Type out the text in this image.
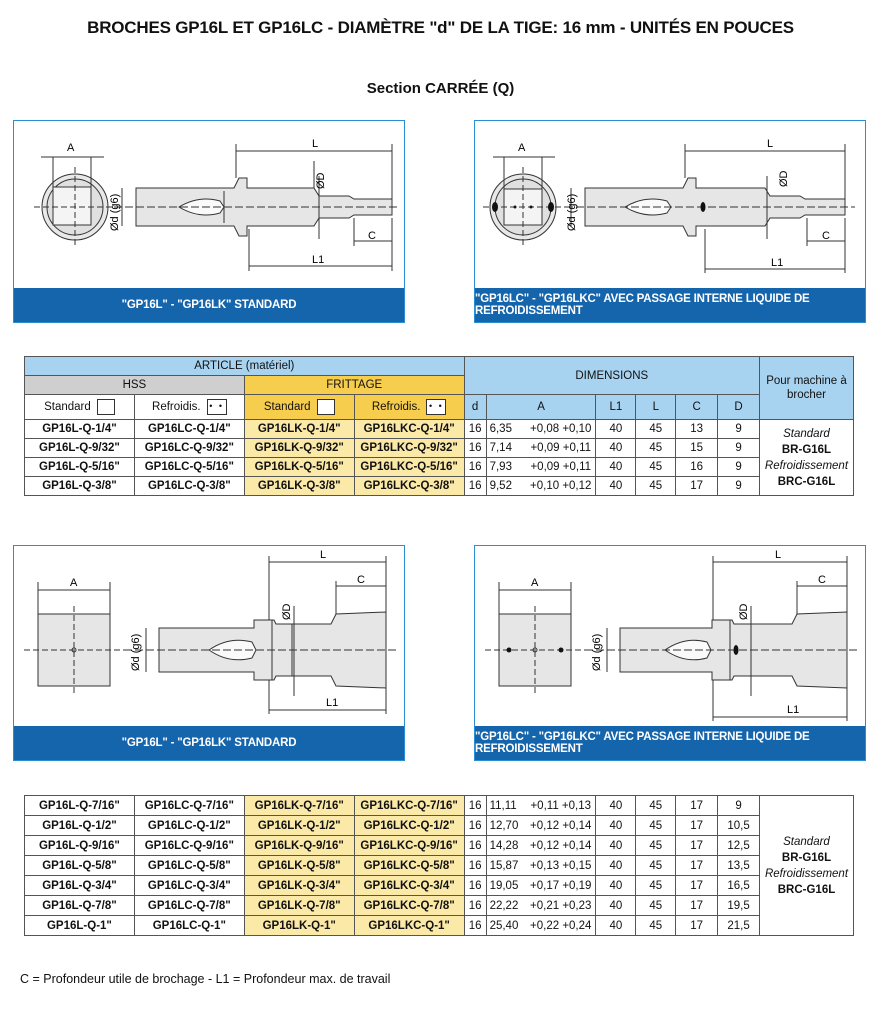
BROCHES GP16L ET GP16LC - DIAMÈTRE "d" DE LA TIGE: 16 mm - UNITÉS EN POUCES
Section CARRÉE (Q)
A	L
L1
C
ØD
Ød (g6)
"GP16L" - "GP16LK" STANDARD
A	L
L1
C
ØD
Ød (g6)
"GP16LC" - "GP16LKC" AVEC PASSAGE INTERNE LIQUIDE DE REFROIDISSEMENT
ARTICLE (matériel)				DIMENSIONS							Pour machine à brocher
HSS		FRITTAGE									
Standard	Refroidis. • •	Standard	Refroidis. • •	d	A		L1	L	C	D	
GP16L-Q-1/4"	GP16LC-Q-1/4"	GP16LK-Q-1/4"	GP16LKC-Q-1/4"	16	6,35	+0,08 +0,10	40	45	13	9	Standard
BR-G16L
Refroidissement
BRC-G16L
GP16L-Q-9/32"	GP16LC-Q-9/32"	GP16LK-Q-9/32"	GP16LKC-Q-9/32"	16	7,14	+0,09 +0,11	40	45	15	9	
GP16L-Q-5/16"	GP16LC-Q-5/16"	GP16LK-Q-5/16"	GP16LKC-Q-5/16"	16	7,93	+0,09 +0,11	40	45	16	9	
GP16L-Q-3/8"	GP16LC-Q-3/8"	GP16LK-Q-3/8"	GP16LKC-Q-3/8"	16	9,52	+0,10 +0,12	40	45	17	9	
A
L
L1
C
ØD
Ød (g6)
"GP16L" - "GP16LK" STANDARD
A
L
L1
C
ØD
Ød (g6)
"GP16LC" - "GP16LKC" AVEC PASSAGE INTERNE LIQUIDE DE REFROIDISSEMENT
GP16L-Q-7/16"	GP16LC-Q-7/16"	GP16LK-Q-7/16"	GP16LKC-Q-7/16"	16	11,11	+0,11 +0,13	40	45	17	9	Standard
BR-G16L
Refroidissement
BRC-G16L
GP16L-Q-1/2"	GP16LC-Q-1/2"	GP16LK-Q-1/2"	GP16LKC-Q-1/2"	16	12,70	+0,12 +0,14	40	45	17	10,5	
GP16L-Q-9/16"	GP16LC-Q-9/16"	GP16LK-Q-9/16"	GP16LKC-Q-9/16"	16	14,28	+0,12 +0,14	40	45	17	12,5	
GP16L-Q-5/8"	GP16LC-Q-5/8"	GP16LK-Q-5/8"	GP16LKC-Q-5/8"	16	15,87	+0,13 +0,15	40	45	17	13,5	
GP16L-Q-3/4"	GP16LC-Q-3/4"	GP16LK-Q-3/4"	GP16LKC-Q-3/4"	16	19,05	+0,17 +0,19	40	45	17	16,5	
GP16L-Q-7/8"	GP16LC-Q-7/8"	GP16LK-Q-7/8"	GP16LKC-Q-7/8"	16	22,22	+0,21 +0,23	40	45	17	19,5	
GP16L-Q-1"	GP16LC-Q-1"	GP16LK-Q-1"	GP16LKC-Q-1"	16	25,40	+0,22 +0,24	40	45	17	21,5	
C = Profondeur utile de brochage - L1 = Profondeur max. de travail
